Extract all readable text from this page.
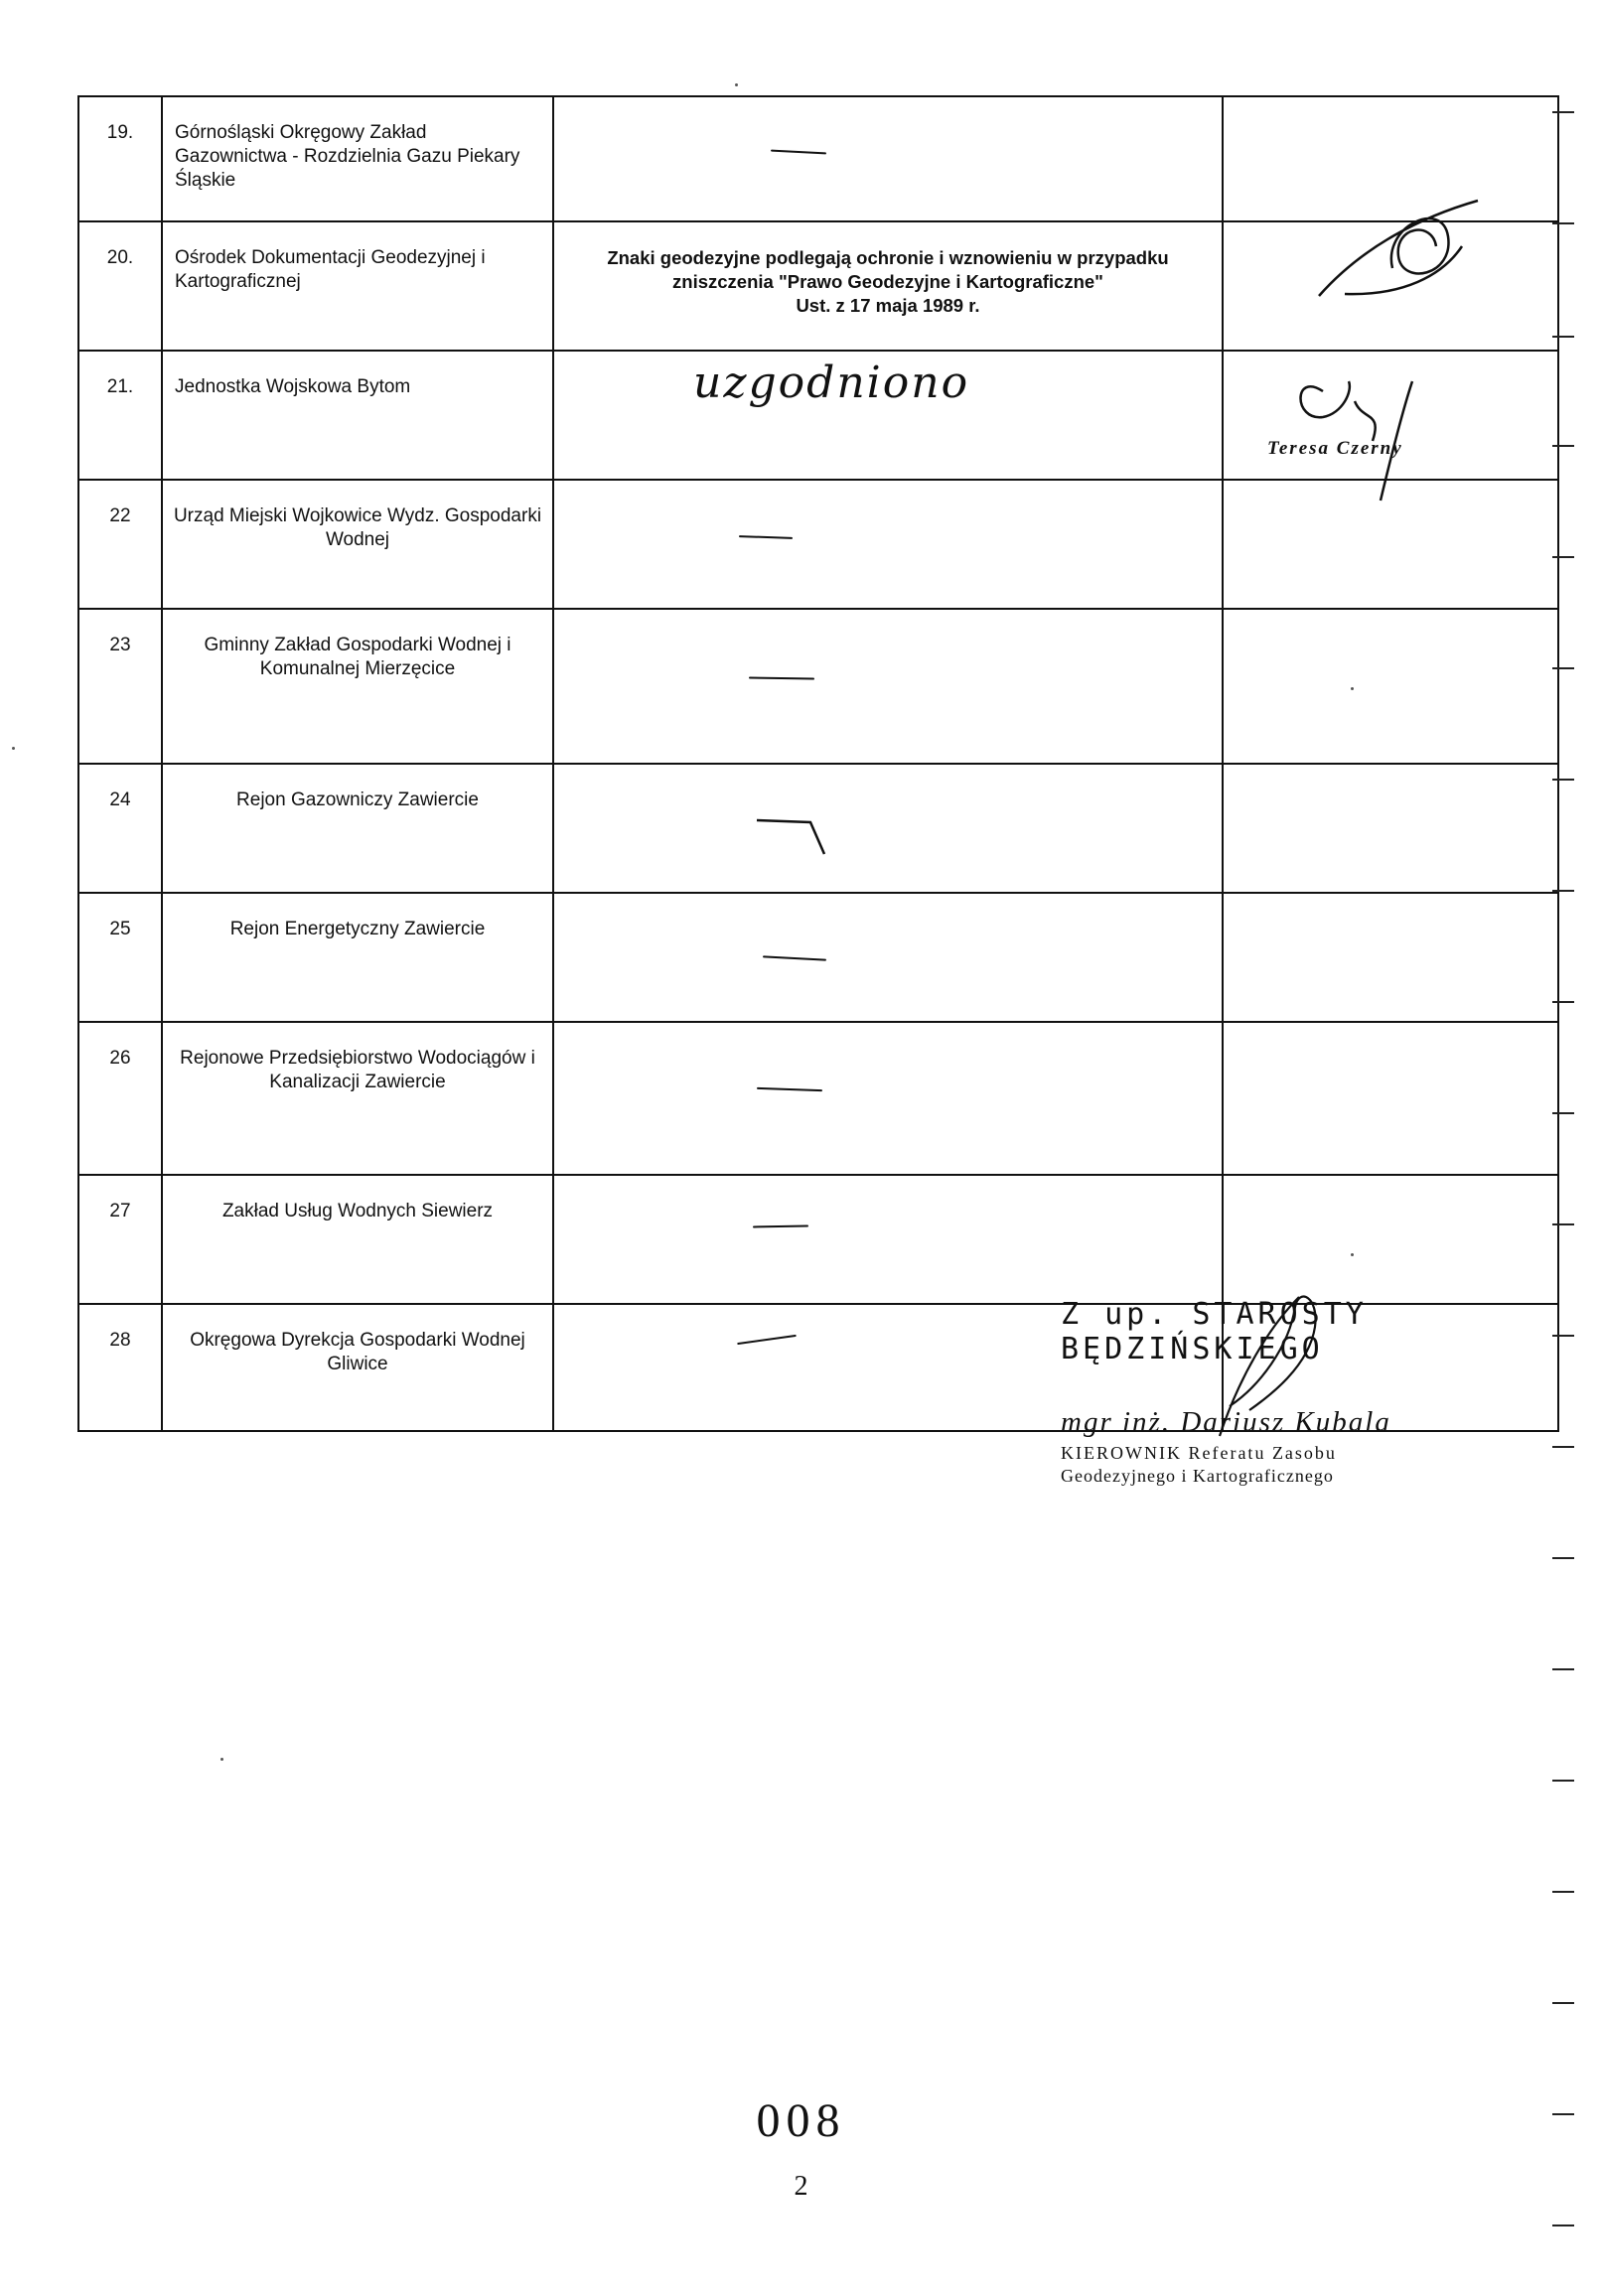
19.	Górnośląski Okręgowy Zakład Gazownictwa - Rozdzielnia Gazu Piekary Śląskie	

20.	Ośrodek Dokumentacji Geodezyjnej i Kartograficznej	Znaki geodezyjne podlegają ochronie i wznowieniu w przypadku zniszczenia "Prawo Geodezyjne i Kartograficzne"
Ust. z 17 maja 1989 r.

21.	Jednostka Wojskowa Bytom	uzgodniono	Teresa Czerny

22	Urząd Miejski Wojkowice Wydz. Gospodarki Wodnej	

23	Gminny Zakład Gospodarki Wodnej i Komunalnej Mierzęcice	

24	Rejon Gazowniczy Zawiercie	

25	Rejon Energetyczny Zawiercie	

26	Rejonowe Przedsiębiorstwo Wodociągów i Kanalizacji Zawiercie	

27	Zakład Usług Wodnych Siewierz	

28	Okręgowa Dyrekcja Gospodarki Wodnej Gliwice	

Z up. STAROSTY BĘDZIŃSKIEGO
mgr inż. Dariusz Kubala
KIEROWNIK Referatu Zasobu
Geodezyjnego i Kartograficznego
008
2
